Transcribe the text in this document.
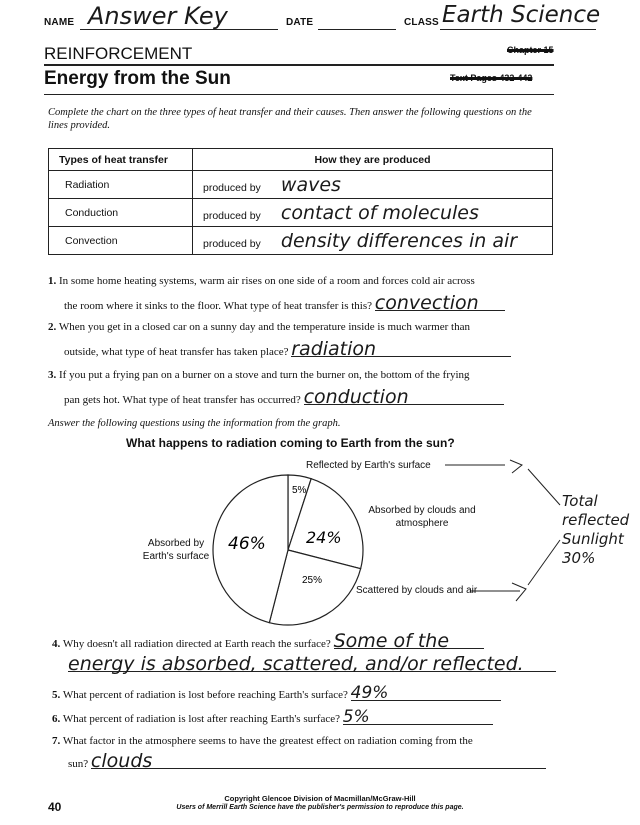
NAME Answer Key	DATE	CLASS Earth Science
REINFORCEMENT	Chapter 15
Energy from the Sun	Text Pages 432-442
Complete the chart on the three types of heat transfer and their causes. Then answer the following questions on the lines provided.
Types of heat transfer	How they are produced
Radiation	produced by waves
Conduction	produced by contact of molecules
Convection	produced by density differences in air
1. In some home heating systems, warm air rises on one side of a room and forces cold air across
the room where it sinks to the floor. What type of heat transfer is this? convection
2. When you get in a closed car on a sunny day and the temperature inside is much warmer than
outside, what type of heat transfer has taken place? radiation
3. If you put a frying pan on a burner on a stove and turn the burner on, the bottom of the frying
pan gets hot. What type of heat transfer has occurred? conduction
Answer the following questions using the information from the graph.
What happens to radiation coming to Earth from the sun?
5%
25%
46%	24%
Reflected by Earth's surface
Absorbed by clouds and atmosphere
Absorbed by Earth's surface
Scattered by clouds and air
Total reflected Sunlight 30%
4. Why doesn't all radiation directed at Earth reach the surface? Some of the
energy is absorbed, scattered, and/or reflected.
5. What percent of radiation is lost before reaching Earth's surface? 49%
6. What percent of radiation is lost after reaching Earth's surface? 5%
7. What factor in the atmosphere seems to have the greatest effect on radiation coming from the
sun? clouds
40
Copyright Glencoe Division of Macmillan/McGraw-Hill
Users of Merrill Earth Science have the publisher's permission to reproduce this page.
